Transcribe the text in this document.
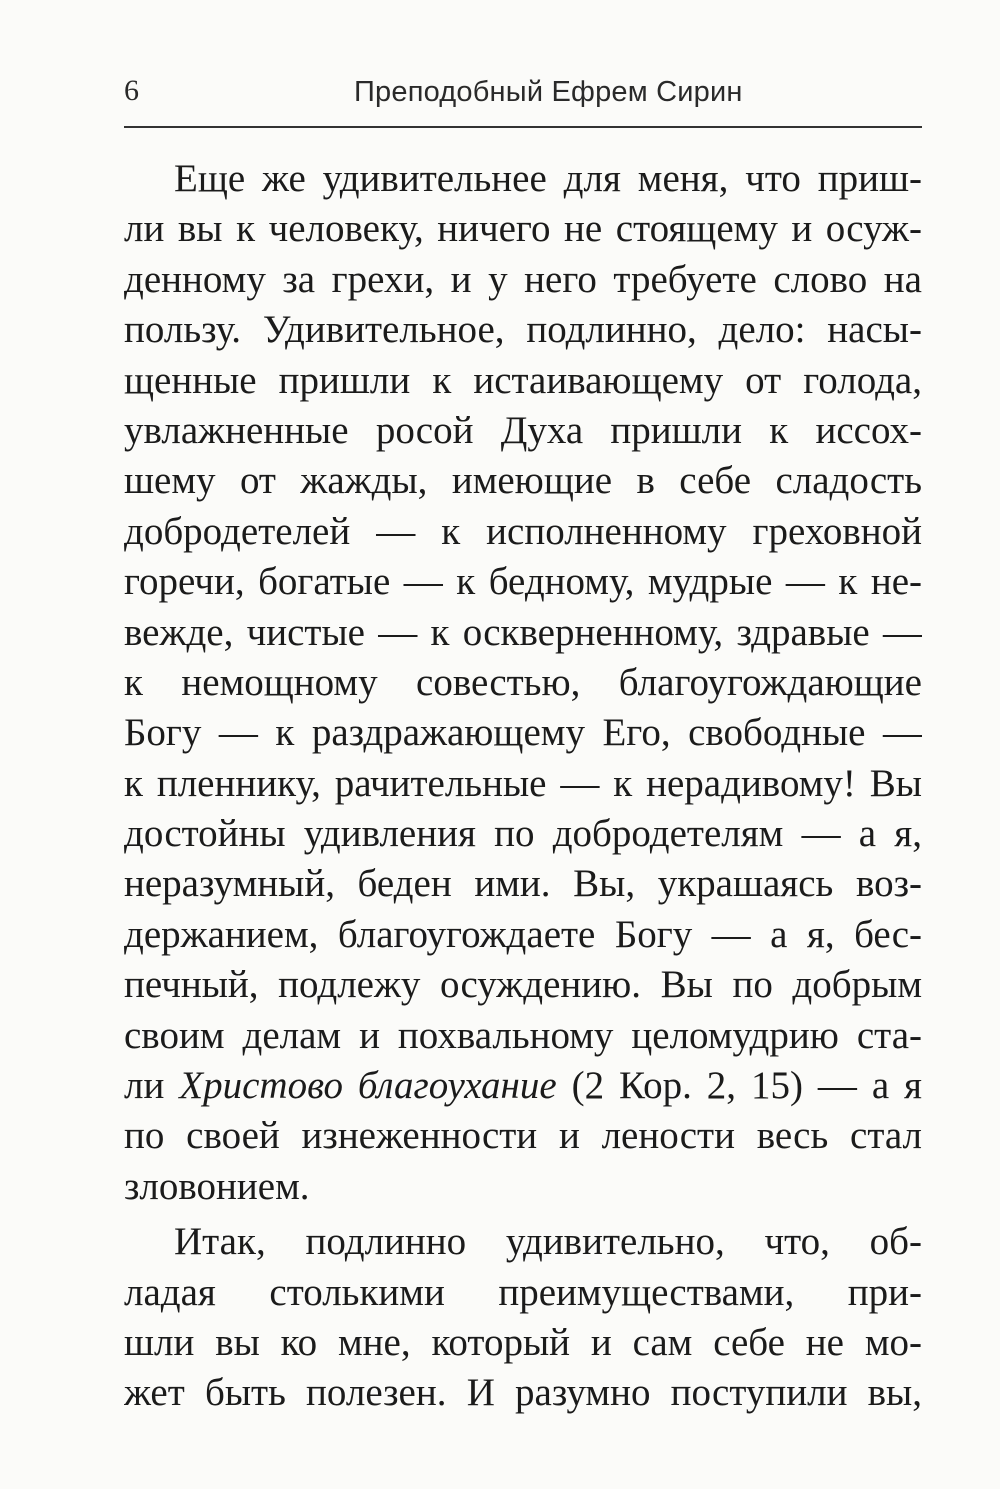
6	Преподобный Ефрем Сирин
Еще же удивительнее для меня, что приш-
ли вы к человеку, ничего не стоящему и осуж-
денному за грехи, и у него требуете слово на
пользу. Удивительное, подлинно, дело: насы-
щенные пришли к истаивающему от голода,
увлажненные росой Духа пришли к иссох-
шему от жажды, имеющие в себе сладость
добродетелей — к исполненному греховной
горечи, богатые — к бедному, мудрые — к не-
вежде, чистые — к оскверненному, здравые —
к немощному совестью, благоугождающие
Богу — к раздражающему Его, свободные —
к пленнику, рачительные — к нерадивому! Вы
достойны удивления по добродетелям — а я,
неразумный, беден ими. Вы, украшаясь воз-
держанием, благоугождаете Богу — а я, бес-
печный, подлежу осуждению. Вы по добрым
своим делам и похвальному целомудрию ста-
ли Христово благоухание (2 Кор. 2, 15) — а я
по своей изнеженности и лености весь стал
зловонием.
Итак, подлинно удивительно, что, об-
ладая столькими преимуществами, при-
шли вы ко мне, который и сам себе не мо-
жет быть полезен. И разумно поступили вы,
